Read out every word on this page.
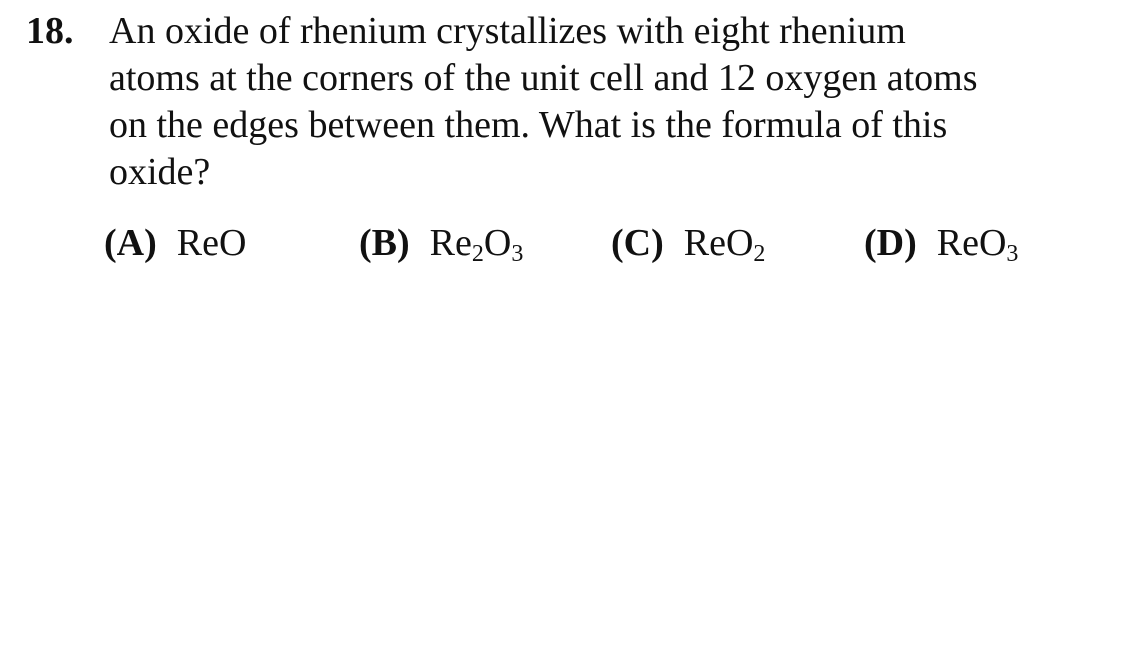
18. An oxide of rhenium crystallizes with eight rhenium
atoms at the corners of the unit cell and 12 oxygen atoms
on the edges between them. What is the formula of this
oxide?
(A) ReO	(B) $Re_2O_3$ (C) ReO$_2$	(D) ReO$_3$
